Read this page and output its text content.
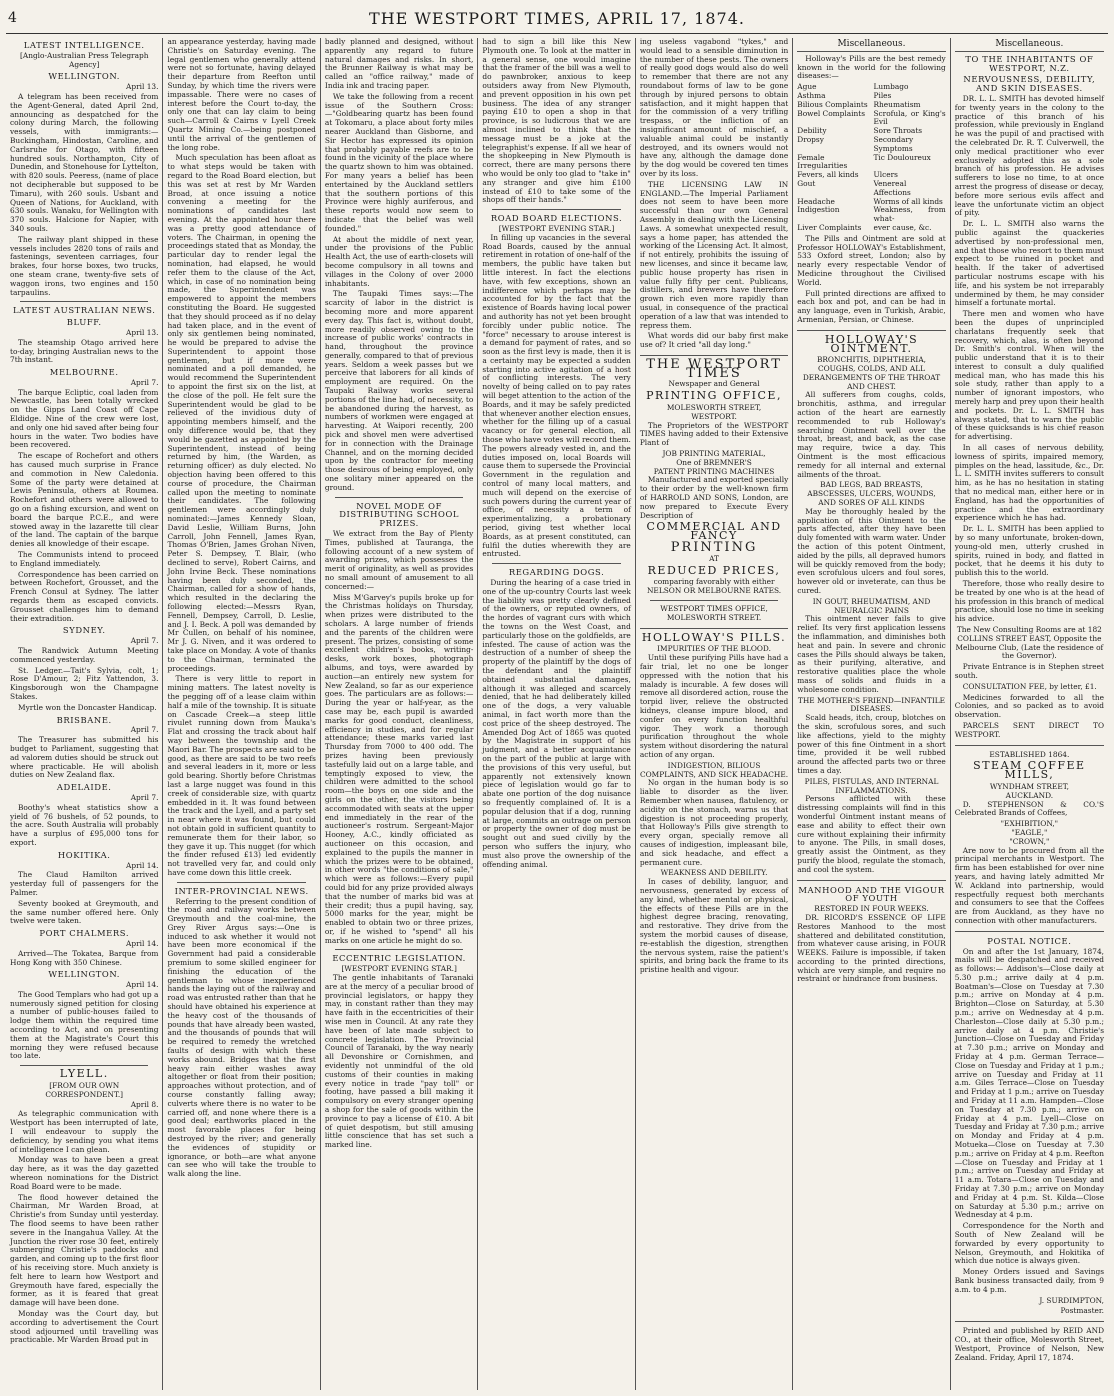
4	THE WESTPORT TIMES, APRIL 17, 1874.
LATEST INTELLIGENCE.
[Anglo-Australian Press Telegraph Agency]
WELLINGTON.
April 13.

A telegram has been received from the Agent-General, dated April 2nd, announcing as despatched for the colony during March, the following vessels, with immigrants:—Buckingham, Hindostan, Caroline, and Carlsruhe for Otago, with fifteen hundred souls. Northampton, City of Dunedin, and Stonehouse for Lyttelton, with 820 souls. Peeress, (name of place not decipherable but supposed to be Timaru), with 260 souls. Usbant and Queen of Nations, for Auckland, with 630 souls. Wanaku, for Wellington with 370 souls. Halcione for Napier, with 340 souls.

The railway plant shipped in these vessels includes 2820 tons of rails and fastenings, seventeen carriages, four brakes, four horse boxes, two trucks, one steam crane, twenty-five sets of waggon irons, two engines and 150 tarpaulins.

LATEST AUSTRALIAN NEWS.
BLUFF.
April 13.

The steamship Otago arrived here to-day, bringing Australian news to the 7th instant.

MELBOURNE.
April 7.

The barque Ecliptic, coal laden from Newcastle, has been totally wrecked on the Gipps Land Coast off Cape Eldidge. Nine of the crew were lost, and only one hid saved after being four hours in the water. Two bodies have been recovered.

The escape of Rochefort and others has caused much surprise in France and commotion in New Caledonia. Some of the party were detained at Lewis Peninsula, others at Roumea. Rochefort and others were allowed to go on a fishing excursion, and went on board the barque P.C.E., and were stowed away in the lazarette till clear of the land. The captain of the barque denies all knowledge of their escape.

The Communists intend to proceed to England immediately.

Correspondence has been carried on between Rochefort, Grousset, and the French Consul at Sydney. The latter regards them as escaped convicts. Grousset challenges him to demand their extradition.

SYDNEY.
April 7.

The Randwick Autumn Meeting commenced yesterday.

St. Ledger.—Tait's Sylvia, colt, 1; Rose D'Amour, 2; Fitz Yattendon, 3. Kingsborough won the Champagne Stakes.

Myrtle won the Doncaster Handicap.

BRISBANE.
April 7.

The Treasurer has submitted his budget to Parliament, suggesting that ad valorem duties should be struck out where practicable. He will abolish duties on New Zealand flax.

ADELAIDE.
April 7.

Boothy's wheat statistics show a yield of 76 bushels, of 52 pounds, to the acre. South Australia will probably have a surplus of £95,000 tons for export.

HOKITIKA.
April 14.

The Claud Hamilton arrived yesterday full of passengers for the Palmer.

Seventy booked at Greymouth, and the same number offered here. Only twelve were taken.

PORT CHALMERS.
April 14.

Arrived—The Tokatea, Barque from Hong Kong with 350 Chinese.

WELLINGTON.
April 14.

The Good Templars who had got up a numerously signed petition for closing a number of public-houses failed to lodge them within the required time according to Act, and on presenting them at the Magistrate's Court this morning they were refused because too late.

LYELL.
[FROM OUR OWN CORRESPONDENT.]
April 8.

As telegraphic communication with Westport has been interrupted of late, I will endeavour to supply the deficiency, by sending you what items of intelligence I can glean.

Monday was to have been a great day here, as it was the day gazetted whereon nominations for the District Road Board were to be made.

The flood however detained the Chairman, Mr Warden Broad, at Christie's from Sunday until yesterday. The flood seems to have been rather severe in the Inangahua Valley. At the Junction the river rose 30 feet, entirely submerging Christie's paddocks and garden, and coming up to the first floor of his receiving store. Much anxiety is felt here to learn how Westport and Greymouth have fared, especially the former, as it is feared that great damage will have been done.

Monday was the Court day, but according to advertisement the Court stood adjourned until travelling was practicable. Mr Warden Broad put in

an appearance yesterday, having made Christie's on Saturday evening. The legal gentlemen who generally attend were not so fortunate, having delayed their departure from Reefton until Sunday, by which time the rivers were impassable. There were no cases of interest before the Court to-day, the only one that can lay claim to being such—Carroll & Cairns v Lyell Creek Quartz Mining Co.—being postponed until the arrival of the gentlemen of the long robe.

Much speculation has been afloat as to what steps would be taken with regard to the Road Board election, but this was set at rest by Mr Warden Broad, at once issuing a notice convening a meeting for the nominations of candidates last evening. At the appointed hour there was a pretty good attendance of voters. The Chairman, in opening the proceedings stated that as Monday, the particular day to render legal the nomination, had elapsed, he would refer them to the clause of the Act, which, in case of no nomination being made, the Superintendent was empowered to appoint the members constituting the Board. He suggested that they should proceed as if no delay had taken place, and in the event of only six gentlemen being nominated, he would be prepared to advise the Superintendent to appoint those gentlemen, but if more were nominated and a poll demanded, he would recommend the Superintendent to appoint the first six on the list, at the close of the poll. He felt sure the Superintendent would be glad to be relieved of the invidious duty of appointing members himself, and the only difference would be, that they would be gazetted as appointed by the Superintendent, instead of being returned by him, (the Warden, as returning officer) as duly elected. No objection having been offered to this course of procedure, the Chairman called upon the meeting to nominate their candidates. The following gentlemen were accordingly duly nominated:—James Kennedy Sloan, David Leslie, William Burns, John Carroll, John Fennell, James Ryan, Thomas O'Brien, James Grohan Niven, Peter S. Dempsey, T. Blair, (who declined to serve), Robert Cairns, and John Irvine Beck. These nominations having been duly seconded, the Chairman, called for a show of hands, which resulted in the declaring the following elected:—Messrs Ryan, Fennell, Dempsey, Carroll, D. Leslie, and J. I. Beck. A poll was demanded by Mr Cullen, on behalf of his nominee, Mr J. G. Niven, and it was ordered to take place on Monday. A vote of thanks to the Chairman, terminated the proceedings.

There is very little to report in mining matters. The latest novelty is the pegging off of a lease claim within half a mile of the township. It is situate on Cascade Creek—a steep little rivulet running down from Mauka's Flat and crossing the track about half way between the township and the Maori Bar. The prospects are said to be good, as there are said to be two reefs and several leaders in it, more or less gold bearing. Shortly before Christmas last a large nugget was found in this creek of considerable size, with quartz embedded in it. It was found between the track and the Lyell, and a party set in near where it was found, but could not obtain gold in sufficient quantity to remunerate them for their labor, so they gave it up. This nugget (for which the finder refused £13) led evidently not travelled very far, and could only have come down this little creek.

INTER-PROVINCIAL NEWS.

Referring to the present condition of the road and railway works between Greymouth and the coal-mine, the Grey River Argus says:—One is induced to ask whether it would not have been more economical if the Government had paid a considerable premium to some skilled engineer for finishing the education of the gentleman to whose inexperienced hands the laying out of the railway and road was entrusted rather than that he should have obtained his experience at the heavy cost of the thousands of pounds that have already been wasted, and the thousands of pounds that will be required to remedy the wretched faults of design with which these works abound. Bridges that the first heavy rain either washes away altogether or float from their position; approaches without protection, and of course constantly falling away; culverts where there is no water to be carried off, and none where there is a good deal; earthworks placed in the most favorable places for being destroyed by the river; and generally the evidences of stupidity or ignorance, or both—are what anyone can see who will take the trouble to walk along the line.

badly planned and designed, without apparently any regard to future natural damages and risks. In short, the Brunner Railway is what may be called an "office railway," made of India ink and tracing paper.

We take the following from a recent issue of the Southern Cross:—"Goldbearing quartz has been found at Tokomaru, a place about forty miles nearer Auckland than Gisborne, and Sir Hector has expressed its opinion that probably payable reefs are to be found in the vicinity of the place where the quartz shown to him was obtained. For many years a belief has been entertained by the Auckland settlers that the southern portions of this Province were highly auriferous, and these reports would now seem to indicate that the belief was well founded."

At about the middle of next year, under the provisions of the Public Health Act, the use of earth-closets will become compulsory in all towns and villages in the Colony of over 2000 inhabitants.

The Taupaki Times says:—The scarcity of labor in the district is becoming more and more apparent every day. This fact is, without doubt, more readily observed owing to the increase of public works' contracts in hand, throughout the province generally, compared to that of previous years. Seldom a week passes but we perceive that laborers for all kinds of employment are required. On the Taupaki Railway works several portions of the line had, of necessity, to be abandoned during the harvest, as numbers of workmen were engaged at harvesting. At Waipori recently, 200 pick and shovel men were advertised for in connection with the Drainage Channel, and on the morning decided upon by the contractor for meeting those desirous of being employed, only one solitary miner appeared on the ground.

NOVEL MODE OF DISTRIBUTING SCHOOL PRIZES.

We extract from the Bay of Plenty Times, published at Tauranga, the following account of a new system of awarding prizes, which possesses the merit of originality, as well as provides no small amount of amusement to all concerned:—

Miss M'Garvey's pupils broke up for the Christmas holidays on Thursday, when prizes were distributed to the scholars. A large number of friends and the parents of the children were present. The prizes, consisting of some excellent children's books, writing-desks, work boxes, photograph albums, and toys, were awarded by auction—an entirely new system for New Zealand, so far as our experience goes. The particulars are as follows:—During the year or half-year, as the case may be, each pupil is awarded marks for good conduct, cleanliness, efficiency in studies, and for regular attendance; these marks varied last Thursday from 7000 to 400 odd. The prizes having been previously tastefully laid out on a large table, and temptingly exposed to view, the children were admitted to the school room—the boys on one side and the girls on the other, the visitors being accommodated with seats at the upper end immediately in the rear of the auctioneer's rostrum. Sergeant-Major Hooney, A.C., kindly officiated as auctioneer on this occasion, and explained to the pupils the manner in which the prizes were to be obtained, in other words "the conditions of sale," which were as follows:—Every pupil could bid for any prize provided always that the number of marks bid was at their credit; thus a pupil having, say, 5000 marks for the year, might be enabled to obtain two or three prizes, or, if he wished to "spend" all his marks on one article he might do so.

ECCENTRIC LEGISLATION.
[WESTPORT EVENING STAR.]

The gentle inhabitants of Taranaki are at the mercy of a peculiar brood of provincial legislators, or happy they may, in constant rather than they may have faith in the eccentricities of their wise men in Council. At any rate they have been of late made subject to concrete legislation. The Provincial Council of Taranaki, by the way nearly all Devonshire or Cornishmen, and evidently not unmindful of the old customs of their counties in making every notice in trade "pay toll" or footing, have passed a bill making it compulsory on every stranger opening a shop for the sale of goods within the province to pay a license of £10. A bit of quiet despotism, but still amusing little conscience that has set such a marked line.

had to sign a bill like this New Plymouth one. To look at the matter in a general sense, one would imagine that the framer of the bill was a well to do pawnbroker, anxious to keep outsiders away from New Plymouth, and prevent opposition in his own pet business. The idea of any stranger paying £10 to open a shop in that province, is so ludicrous that we are almost inclined to think that the message must be a joke at the telegraphist's expense. If all we hear of the shopkeeping in New Plymouth is correct, there are many persons there who would be only too glad to "take in" any stranger and give him £100 instead of £10 to take some of the shops off their hands."

ROAD BOARD ELECTIONS.
[WESTPORT EVENING STAR.]

In filling up vacancies in the several Road Boards, caused by the annual retirement in rotation of one-half of the members, the public have taken but little interest. In fact the elections have, with few exceptions, shown an indifference which perhaps may be accounted for by the fact that the existence of Boards having local power and authority has not yet been brought forcibly under public notice. The "force" necessary to arouse interest is a demand for payment of rates, and so soon as the first levy is made, then it is a certainty may be expected a sudden starting into active agitation of a host of conflicting interests. The very novelty of being called on to pay rates will beget attention to the action of the Boards, and it may be safely predicted that whenever another election ensues, whether for the filling up of a casual vacancy or for general election, all those who have votes will record them. The powers already vested in, and the duties imposed on, local Boards will cause them to supersede the Provincial Government in the regulation and control of many local matters, and much will depend on the exercise of such powers during the current year of office, of necessity a term of experimentalizing, a probationary period, giving test whether local Boards, as at present constituted, can fulfil the duties wherewith they are entrusted.

REGARDING DOGS.

During the hearing of a case tried in one of the up-country Courts last week the liability was pretty clearly defined of the owners, or reputed owners, of the hordes of vagrant curs with which the towns on the West Coast, and particularly those on the goldfields, are infested. The cause of action was the destruction of a number of sheep the property of the plaintiff by the dogs of the defendant and the plaintiff obtained substantial damages, although it was alleged and scarcely denied, that he had deliberately killed one of the dogs, a very valuable animal, in fact worth more than the cost price of the sheep destroyed. The Amended Dog Act of 1865 was quoted by the Magistrate in support of his judgment, and a better acquaintance on the part of the public at large with the provisions of this very useful, but apparently not extensively known piece of legislation would go far to abate one portion of the dog nuisance so frequently complained of. It is a popular delusion that if a dog, running at large, commits an outrage on person or property the owner of dog must be sought out and sued civilly by the person who suffers the injury, who must also prove the ownership of the offending animal.

ing useless vagabond "tykes," and would lead to a sensible diminution in the number of these pests. The owners of really good dogs would also do well to remember that there are not any roundabout forms of law to be gone through by injured persons to obtain satisfaction, and it might happen that for the commission of a very trifling trespass, or the infliction of an insignificant amount of mischief, a valuable animal could be instantly destroyed, and its owners would not have any, although the damage done by the dog would be covered ten times over by its loss.

THE LICENSING LAW IN ENGLAND.—The Imperial Parliament does not seem to have been more successful than our own General Assembly in dealing with the Licensing Laws. A somewhat unexpected result, says a home paper, has attended the working of the Licensing Act. It almost, if not entirely, prohibits the issuing of new licenses, and since it became law, public house property has risen in value fully fifty per cent. Publicans, distillers, and brewers have therefore grown rich even more rapidly than usual, in consequence of the practical operation of a law that was intended to repress them.

What words did our baby first make use of? It cried "all day long."

THE WESTPORT TIMES
Newspaper and General
PRINTING OFFICE,
MOLESWORTH STREET,
WESTPORT.

The Proprietors of the WESTPORT TIMES having added to their Extensive Plant of

JOB PRINTING MATERIAL,
One of BREMNER'S
PATENT PRINTING MACHINES

Manufactured and exported specially to their order by the well-known firm of HARROLD AND SONS, London, are now prepared to Execute Every Description of

COMMERCIAL AND FANCY
PRINTING
AT
REDUCED PRICES,
comparing favorably with either
NELSON OR MELBOURNE RATES.
WESTPORT TIMES OFFICE,
MOLESWORTH STREET.
HOLLOWAY'S PILLS.
IMPURITIES OF THE BLOOD.

Until these purifying Pills have had a fair trial, let no one be longer oppressed with the notion that his malady is incurable. A few doses will remove all disordered action, rouse the torpid liver, relieve the obstructed kidneys, cleanse impure blood, and confer on every function healthful vigor. They work a thorough purification throughout the whole system without disordering the natural action of any organ.

INDIGESTION, BILIOUS COMPLAINTS, AND SICK HEADACHE.

No organ in the human body is so liable to disorder as the liver. Remember when nausea, flatulency, or acidity on the stomach, warns us that digestion is not proceeding properly, that Holloway's Pills give strength to every organ, specially remove all causes of indigestion, impleasant bile, and sick headache, and effect a permanent cure.

WEAKNESS AND DEBILITY.

In cases of debility, languor, and nervousness, generated by excess of any kind, whether mental or physical, the effects of these Pills are in the highest degree bracing, renovating, and restorative. They drive from the system the morbid causes of disease, re-establish the digestion, strengthen the nervous system, raise the patient's spirits, and bring back the frame to its pristine health and vigour.

Miscellaneous.

Holloway's Pills are the best remedy known in the world for the following diseases:—

Ague	Lumbago
Asthma	Piles
Bilious Complaints Rheumatism
Bowel Complaints	Scrofula, or King's Evil
Debility	Sore Throats
Dropsy	Secondary Symptoms
Female Irregularities
Tic Douloureux
Fevers, all kinds	Ulcers
Gout	Venereal Affections
Headache	Worms of all kinds
Indigestion	Weakness, from what-
Liver Complaints	ever cause, &c.

The Pills and Ointment are sold at Professor HOLLOWAY's Establishment, 533 Oxford street, London; also by nearly every respectable Vendor of Medicine throughout the Civilised World.

Full printed directions are affixed to each box and pot, and can be had in any language, even in Turkish, Arabic, Armenian, Persian, or Chinese.

HOLLOWAY'S OINTMENT.
BRONCHITIS, DIPHTHERIA, COUGHS, COLDS, AND ALL DERANGEMENTS OF THE THROAT AND CHEST.

All sufferers from coughs, colds, bronchitis, asthma, and irregular action of the heart are earnestly recommended to rub Holloway's searching Ointment well over the throat, breast, and back, as the case may require, twice a day. This Ointment is the most efficacious remedy for all internal and external ailments of the throat.

BAD LEGS, BAD BREASTS, ABSCESSES, ULCERS, WOUNDS, AND SORES OF ALL KINDS

May be thoroughly healed by the application of this Ointment to the parts affected, after they have been duly fomented with warm water. Under the action of this potent Ointment, aided by the pills, all depraved humors will be quickly removed from the body; even scrofulous ulcers and foul sores, however old or inveterate, can thus be cured.

IN GOUT, RHEUMATISM, AND NEURALGIC PAINS

This ointment never fails to give relief. Its very first application lessens the inflammation, and diminishes both heat and pain. In severe and chronic cases the Pills should always be taken, as their purifying, alterative, and restorative qualities place the whole mass of solids and fluids in a wholesome condition.

THE MOTHER'S FRIEND—INFANTILE DISEASES.

Scald heads, itch, croup, blotches on the skin, scrofulous sores, and such like affections, yield to the mighty power of this fine Ointment in a short time, provided it be well rubbed around the affected parts two or three times a day.

PILES, FISTULAS, AND INTERNAL INFLAMMATIONS.

Persons afflicted with these distressing complaints will find in this wonderful Ointment instant means of ease and ability to effect their own cure without explaining their infirmity to anyone. The Pills, in small doses, greatly assist the Ointment, as they purify the blood, regulate the stomach, and cool the system.

MANHOOD AND THE VIGOUR OF YOUTH
RESTORED IN FOUR WEEKS.

DR. RICORD'S ESSENCE OF LIFE Restores Manhood to the most shattered and debilitated constitution, from whatever cause arising, in FOUR WEEKS. Failure is impossible, if taken according to the printed directions, which are very simple, and require no restraint or hindrance from business.

Miscellaneous.
TO THE INHABITANTS OF WESTPORT, N.Z.
NERVOUSNESS, DEBILITY, AND SKIN DISEASES.

DR. L. L. SMITH has devoted himself for twenty years in the colony to the practice of this branch of his profession, while previously in England he was the pupil of and practised with the celebrated Dr. R. T. Culverwell, the only medical practitioner who ever exclusively adopted this as a sole branch of his profession. He advises sufferers to lose no time, to at once arrest the progress of disease or decay, before more serious evils affect and leave the unfortunate victim an object of pity.

Dr. L. L. SMITH also warns the public against the quackeries advertised by non-professional men, and that those who resort to them must expect to be ruined in pocket and health. If the taker of advertised particular nostrums escape with his life, and his system be not irreparably undermined by them, he may consider himself a fortunate mortal.

There men and women who have been the dupes of unprincipled charlatans frequently seek that recovery, which, alas, is often beyond Dr. Smith's control. When will the public understand that it is to their interest to consult a duly qualified medical man, who has made this his sole study, rather than apply to a number of ignorant impostors, who merely harp and prey upon their health and pockets. Dr. L. L. SMITH has always stated, that to warn the public of these quicksands is his chief reason for advertising.

In all cases of nervous debility, lowness of spirits, impaired memory, pimples on the head, lassitude, &c., Dr. L. L. SMITH invites sufferers to consult him, as he has no hesitation in stating that no medical man, either here or in England, has had the opportunities of practice and the extraordinary experience which he has had.

Dr. L. L. SMITH has been applied to by so many unfortunate, broken-down, young-old men, utterly crushed in spirits, ruined in body, and flatted in pocket, that he deems it his duty to publish this to the world.

Therefore, those who really desire to be treated by one who is at the head of his profession in this branch of medical practice, should lose no time in seeking his advice.

The New Consulting Rooms are at 182 COLLINS STREET EAST, Opposite the Melbourne Club, (Late the residence of the Governor).

Private Entrance is in Stephen street south.

CONSULTATION FEE, by letter, £1.

Medicines forwarded to all the Colonies, and so packed as to avoid observation.

PARCELS SENT DIRECT TO WESTPORT.

ESTABLISHED 1864.
STEAM COFFEE MILLS,
WYNDHAM STREET,
AUCKLAND.

D. STEPHENSON & CO.'S Celebrated Brands of Coffees,

"EXHIBITION,"
"EAGLE,"
"CROWN,"

Are now to be procured from all the principal merchants in Westport. The firm has been established for over nine years, and having lately admitted Mr W. Ackland into partnership, would respectfully request both merchants and consumers to see that the Coffees are from Auckland, as they have no connection with other manufacturers.

POSTAL NOTICE.

On and after the 1st January, 1874, mails will be despatched and received as follows:— Addison's—Close daily at 5.30 p.m.; arrive daily at 4 p.m. Boatman's—Close on Tuesday at 7.30 p.m.; arrive on Monday at 4 p.m. Brighton—Close on Saturday, at 5.30 p.m.; arrive on Wednesday at 4 p.m. Charleston—Close daily at 5.30 p.m.; arrive daily at 4 p.m. Christie's Junction—Close on Tuesday and Friday at 7.30 p.m.; arrive on Monday and Friday at 4 p.m. German Terrace—Close on Tuesday and Friday at 1 p.m.; arrive on Tuesday and Friday at 11 a.m. Giles Terrace—Close on Tuesday and Friday at 1 p.m.; arrive on Tuesday and Friday at 11 a.m. Hampden—Close on Tuesday at 7.30 p.m.; arrive on Friday at 4 p.m. Lyell—Close on Tuesday and Friday at 7.30 p.m.; arrive on Monday and Friday at 4 p.m. Motueka—Close on Tuesday at 7.30 p.m.; arrive on Friday at 4 p.m. Reefton—Close on Tuesday and Friday at 1 p.m.; arrive on Tuesday and Friday at 11 a.m. Totara—Close on Tuesday and Friday at 7.30 p.m.; arrive on Monday and Friday at 4 p.m. St. Kilda—Close on Saturday at 5.30 p.m.; arrive on Wednesday at 4 p.m.

Correspondence for the North and South of New Zealand will be forwarded by every opportunity to Nelson, Greymouth, and Hokitika of which due notice is always given.

Money Orders issued and Savings Bank business transacted daily, from 9 a.m. to 4 p.m.

J. SURDIMPTON,
Postmaster.

Printed and published by REID AND CO., at their office, Molesworth Street, Westport, Province of Nelson, New Zealand. Friday, April 17, 1874.
